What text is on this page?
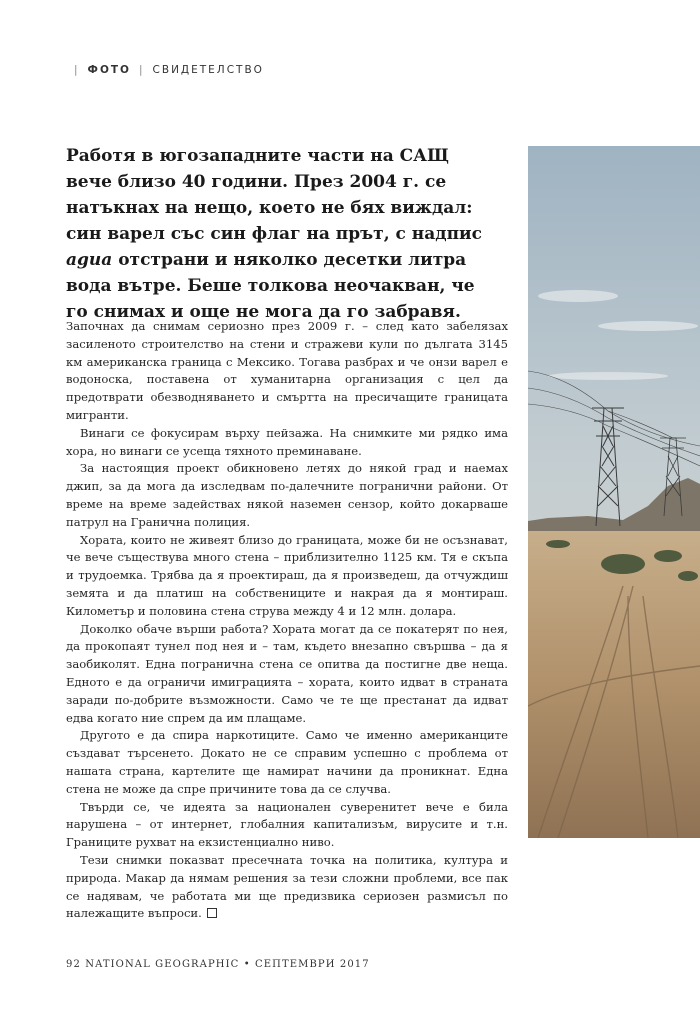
| ФОТО | СВИДЕТЕЛСТВО
Работя в югозападните части на САЩ
вече близо 40 години. През 2004 г. се
натъкнах на нещо, което не бях виждал:
син варел със син флаг на прът, с надпис
agua отстрани и няколко десетки литра
вода вътре. Беше толкова неочакван, че
го снимах и още не мога да го забравя.

Започнах да снимам сериозно през 2009 г. – след като забелязах засиленото строителство на стени и стражеви кули по дългата 3145 км американска граница с Мексико. Тогава разбрах и че онзи варел е водоноска, поставена от хуманитарна организация с цел да предотврати обезводняването и смъртта на пресичащите границата мигранти.

Винаги се фокусирам върху пейзажа. На снимките ми рядко има хора, но винаги се усеща тяхното преминаване.

За настоящия проект обикновено летях до някой град и наемах джип, за да мога да изследвам по-далечните погранични райони. От време на време задействах някой наземен сензор, който докарваше патрул на Гранична полиция.

Хората, които не живеят близо до границата, може би не осъзнават, че вече съществува много стена – приблизително 1125 км. Тя е скъпа и трудоемка. Трябва да я проектираш, да я произведеш, да отчуждиш земята и да платиш на собствениците и накрая да я монтираш. Километър и половина стена струва между 4 и 12 млн. долара.

Доколко обаче върши работа? Хората могат да се покатерят по нея, да прокопаят тунел под нея и – там, където внезапно свършва – да я заобиколят. Една погранична стена се опитва да постигне две неща. Едното е да ограничи имиграцията – хората, които идват в страната заради по-добрите възможности. Само че те ще престанат да идват едва когато ние спрем да им плащаме.

Другото е да спира наркотиците. Само че именно американците създават търсенето. Докато не се справим успешно с проблема от нашата страна, картелите ще намират начини да проникнат. Една стена не може да спре причините това да се случва.

Твърди се, че идеята за национален суверенитет вече е била нарушена – от интернет, глобалния капитализъм, вирусите и т.н. Границите рухват на екзистенциално ниво.

Тези снимки показват пресечната точка на политика, култура и природа. Макар да нямам решения за тези сложни проблеми, все пак се надявам, че работата ми ще предизвика сериозен размисъл по належащите въпроси.

92 NATIONAL GEOGRAPHIC • СЕПТЕМВРИ 2017
